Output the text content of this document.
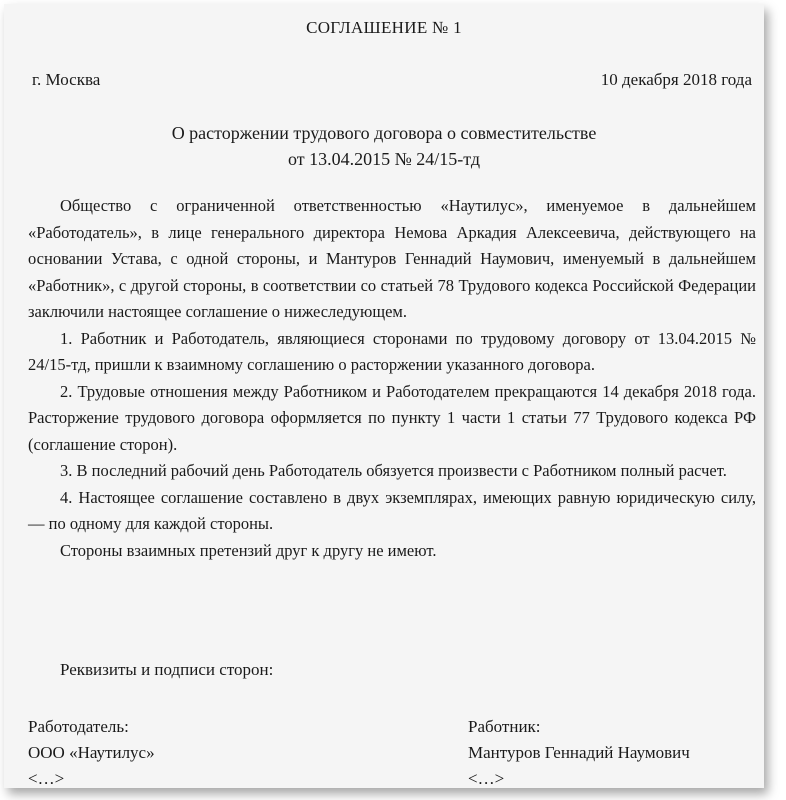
СОГЛАШЕНИЕ № 1
г. Москва	10 декабря 2018 года
О расторжении трудового договора о совместительстве
от 13.04.2015 № 24/15-тд

Общество с ограниченной ответственностью «Наутилус», именуемое в дальнейшем «Работодатель», в лице генерального директора Немова Аркадия Алексеевича, действующего на основании Устава, с одной стороны, и Мантуров Геннадий Наумович, именуемый в дальнейшем «Работник», с другой стороны, в соответствии со статьей 78 Трудового кодекса Российской Федерации заключили настоящее соглашение о нижеследующем.

1. Работник и Работодатель, являющиеся сторонами по трудовому договору от 13.04.2015 № 24/15-тд, пришли к взаимному соглашению о расторжении указанного договора.

2. Трудовые отношения между Работником и Работодателем прекращаются 14 декабря 2018 года. Расторжение трудового договора оформляется по пункту 1 части 1 статьи 77 Трудового кодекса РФ (соглашение сторон).

3. В последний рабочий день Работодатель обязуется произвести с Работником полный расчет.

4. Настоящее соглашение составлено в двух экземплярах, имеющих равную юридическую силу, — по одному для каждой стороны.

Стороны взаимных претензий друг к другу не имеют.

Реквизиты и подписи сторон:
Работодатель:
ООО «Наутилус»
<…>
Работник:
Мантуров Геннадий Наумович
<…>
